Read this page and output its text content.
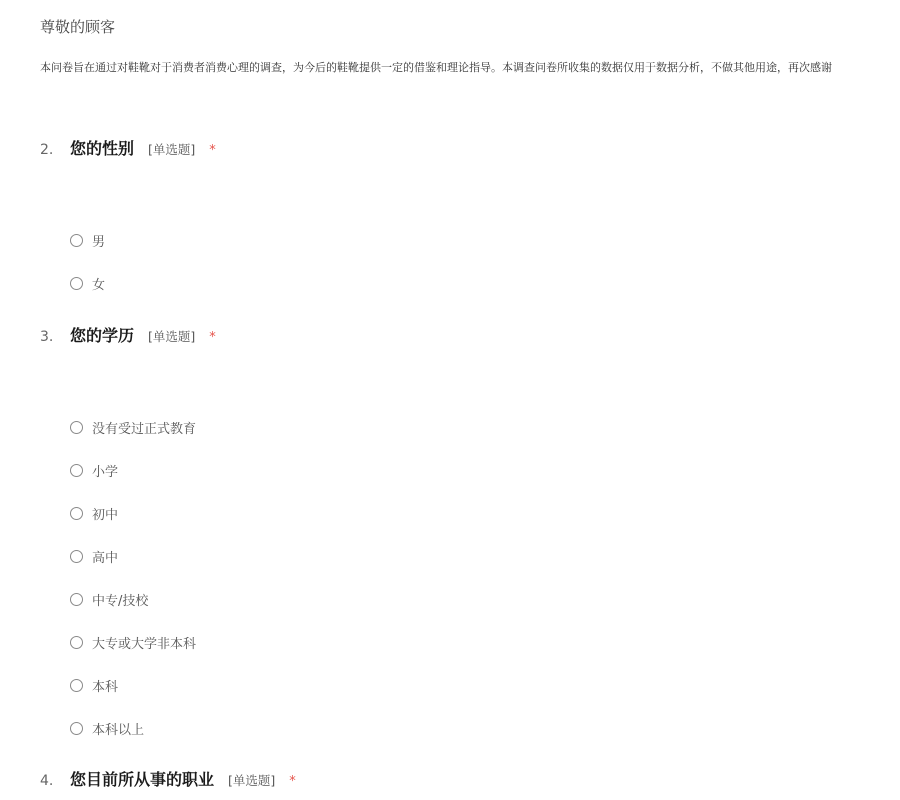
尊敬的顾客
本问卷旨在通过对鞋靴对于消费者消费心理的调查，为今后的鞋靴提供一定的借鉴和理论指导。本调查问卷所收集的数据仅用于数据分析，不做其他用途，再次感谢
2.	您的性别 [单选题] *
男
女
3.	您的学历 [单选题] *
没有受过正式教育
小学
初中
高中
中专/技校
大专或大学非本科
本科
本科以上
4.	您目前所从事的职业 [单选题] *
